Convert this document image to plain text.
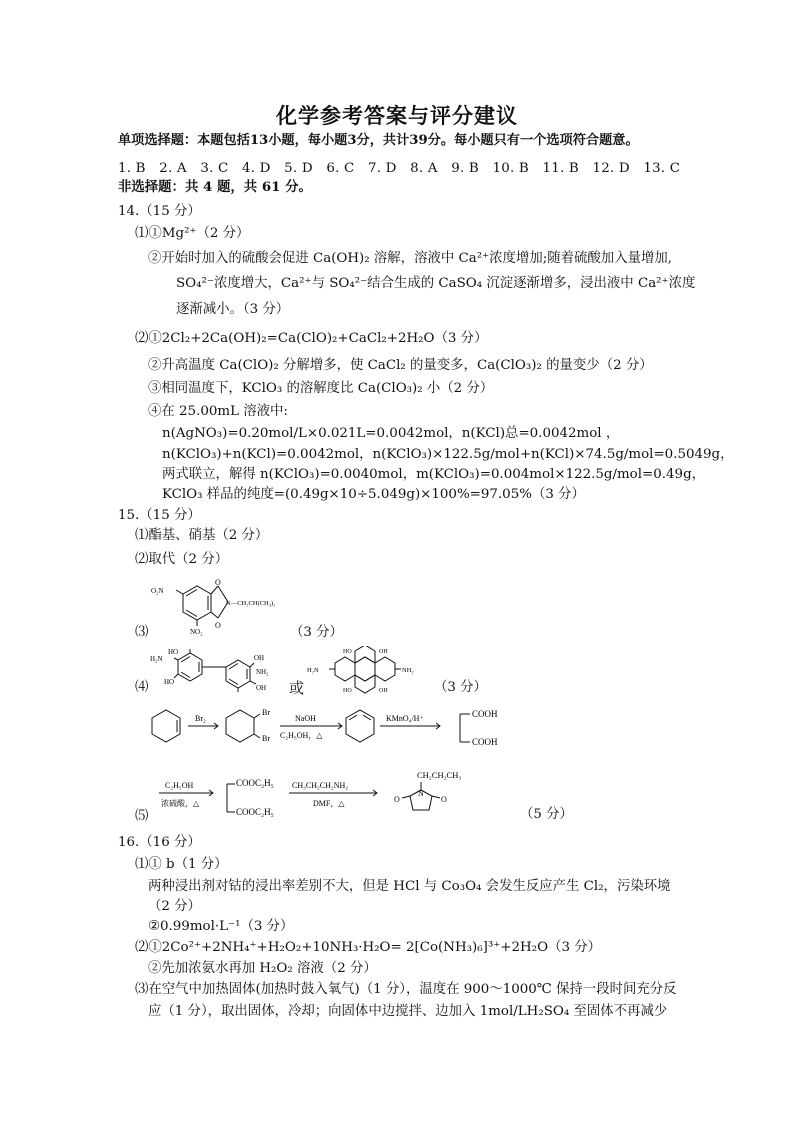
化学参考答案与评分建议
单项选择题：本题包括13小题，每小题3分，共计39分。每小题只有一个选项符合题意。
1. B　2. A　3. C　4. D　5. D　6. C　7. D　8. A　9. B　10. B　11. B　12. D　13. C
非选择题：共 4 题，共 61 分。
14.（15 分）
⑴①Mg²⁺（2 分）
②开始时加入的硫酸会促进 Ca(OH)₂ 溶解，溶液中 Ca²⁺浓度增加;随着硫酸加入量增加,
SO₄²⁻浓度增大，Ca²⁺与 SO₄²⁻结合生成的 CaSO₄ 沉淀逐渐增多，浸出液中 Ca²⁺浓度
逐渐减小。（3 分）
⑵①2Cl₂+2Ca(OH)₂=Ca(ClO)₂+CaCl₂+2H₂O（3 分）
②升高温度 Ca(ClO)₂ 分解增多，使 CaCl₂ 的量变多，Ca(ClO₃)₂ 的量变少（2 分）
③相同温度下，KClO₃ 的溶解度比 Ca(ClO₃)₂ 小（2 分）
④在 25.00mL 溶液中:
n(AgNO₃)=0.20mol/L×0.021L=0.0042mol，n(KCl)总=0.0042mol ，
n(KClO₃)+n(KCl)=0.0042mol，n(KClO₃)×122.5g/mol+n(KCl)×74.5g/mol=0.5049g，
两式联立，解得 n(KClO₃)=0.0040mol，m(KClO₃)=0.004mol×122.5g/mol=0.49g，
KClO₃ 样品的纯度=(0.49g×10÷5.049g)×100%=97.05%（3 分）
15.（15 分）
⑴酯基、硝基（2 分）
⑵取代（2 分）
⑶
O₂N
NO₂
O
O
N—CH₂CH(CH₃)₂
（3 分）
⑷
HO
H₂N
HO
OH
NH₂
OH 或
H₂N	NH₂
HO	OH
HO	OH	（3 分）
Br₂
Br
Br
NaOH
C₂H₅OH，△
KMnO₄/H⁺	COOH
COOH
⑸
C₂H₅OH
浓硫酸，△
COOC₂H₅
COOC₂H₅
CH₃CH₂CH₂NH₂
DMF，△
CH₂CH₂CH₃
N
O	O
（5 分）
16.（16 分）
⑴① b（1 分）
两种浸出剂对钴的浸出率差别不大，但是 HCl 与 Co₃O₄ 会发生反应产生 Cl₂，污染环境
（2 分）
②0.99mol·L⁻¹（3 分）
⑵①2Co²⁺+2NH₄⁺+H₂O₂+10NH₃·H₂O= 2[Co(NH₃)₆]³⁺+2H₂O（3 分）
②先加浓氨水再加 H₂O₂ 溶液（2 分）
⑶在空气中加热固体(加热时鼓入氧气)（1 分），温度在 900～1000℃ 保持一段时间充分反
应（1 分），取出固体，冷却；向固体中边搅拌、边加入 1mol/LH₂SO₄ 至固体不再减少
